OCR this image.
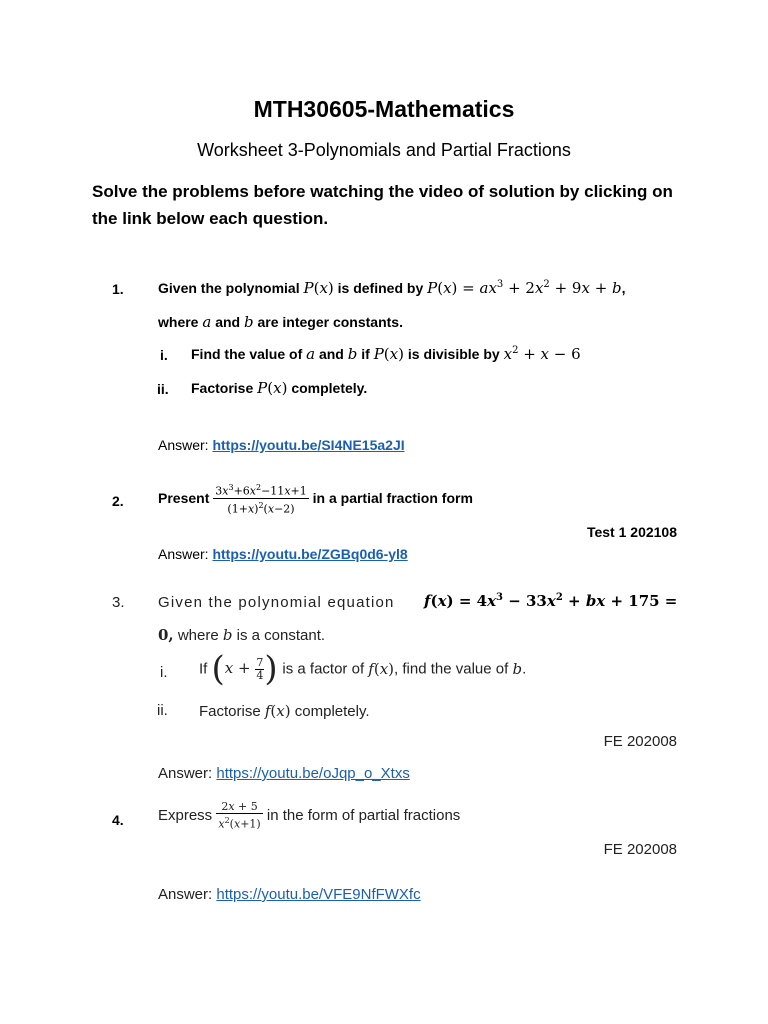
MTH30605-Mathematics
Worksheet 3-Polynomials and Partial Fractions
Solve the problems before watching the video of solution by clicking on the link below each question.
1. Given the polynomial P(x) is defined by $P(x) = ax^3 + 2x^2 + 9x + b$,
where a and b are integer constants.
i. Find the value of a and b if P(x) is divisible by $x^2 + x - 6$
ii. Factorise P(x) completely.
Answer: https://youtu.be/SI4NE15a2JI
2. Present $\frac{3x^3+6x^2-11x+1}{(1+x)^2(x-2)}$ in a partial fraction form
Test 1 202108
Answer: https://youtu.be/ZGBq0d6-yl8
3. Given the polynomial equation $f(x) = 4x^3 - 33x^2$ + bx + 175 =
0, where b is a constant.
i. If ($x + \frac{7}{4}$ ) is a factor of f(x), find the value of b.
ii. Factorise f(x) completely.
FE 202008
Answer: https://youtu.be/oJqp_o_Xtxs
4. Express $\frac{2x + 5}{x^2(x+1)}$ in the form of partial fractions
FE 202008
Answer: https://youtu.be/VFE9NfFWXfc
